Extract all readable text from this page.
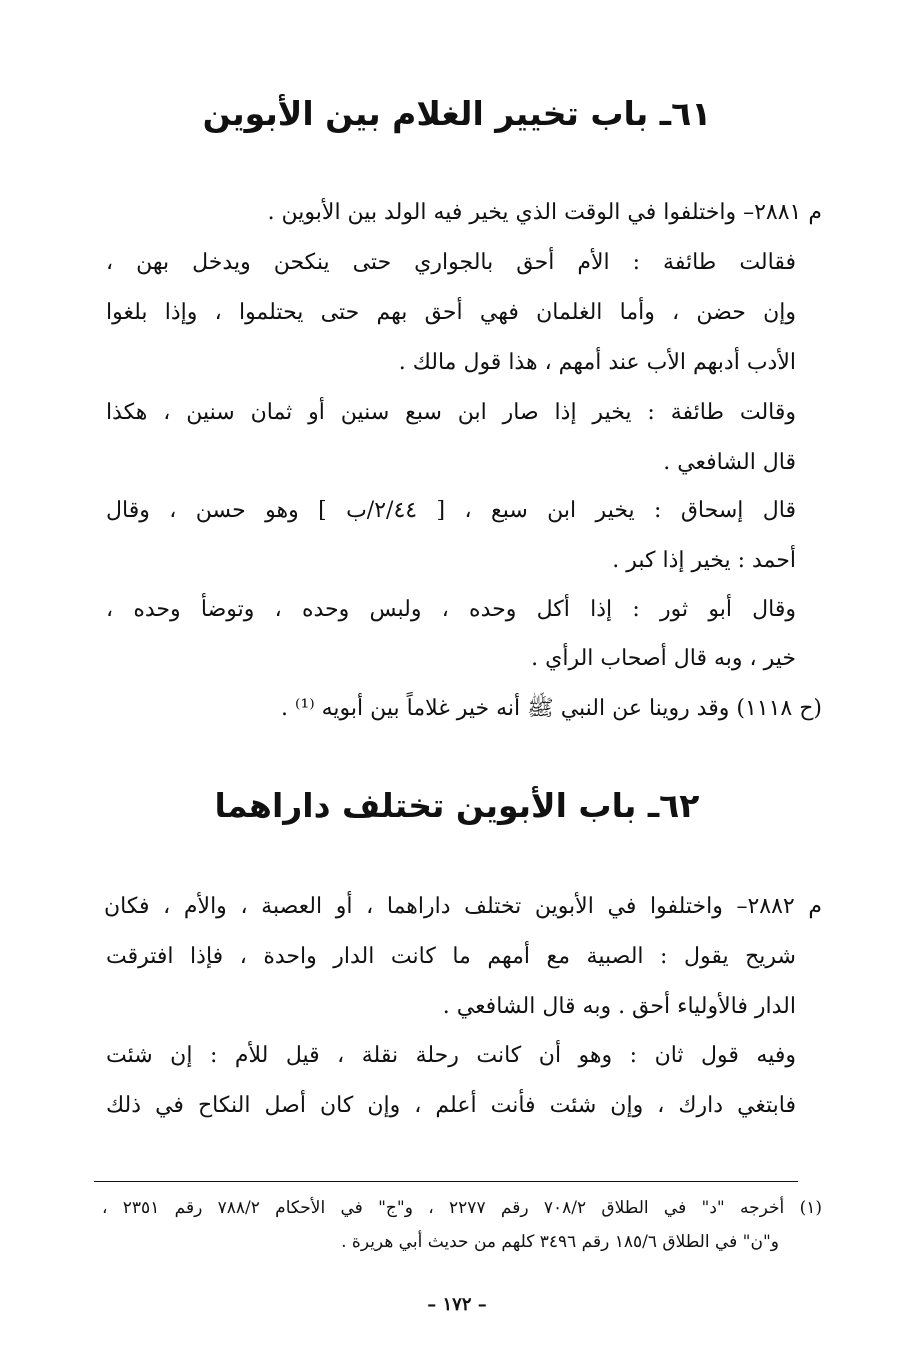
٦١ـ باب تخيير الغلام بين الأبوين
م ٢٨٨١– واختلفوا في الوقت الذي يخير فيه الولد بين الأبوين .
فقالت طائفة : الأم أحق بالجواري حتى ينكحن ويدخل بهن ،
وإن حضن ، وأما الغلمان فهي أحق بهم حتى يحتلموا ، وإذا بلغوا
الأدب أدبهم الأب عند أمهم ، هذا قول مالك .
وقالت طائفة : يخير إذا صار ابن سبع سنين أو ثمان سنين ، هكذا
قال الشافعي .
قال إسحاق : يخير ابن سبع ، [ ٢/٤٤/ب ] وهو حسن ، وقال
أحمد : يخير إذا كبر .
وقال أبو ثور : إذا أكل وحده ، ولبس وحده ، وتوضأ وحده ،
خير ، وبه قال أصحاب الرأي .
(ح ١١١٨) وقد روينا عن النبي ﷺ أنه خير غلاماً بين أبويه ⁽¹⁾ .
٦٢ـ باب الأبوين تختلف داراهما
م ٢٨٨٢– واختلفوا في الأبوين تختلف داراهما ، أو العصبة ، والأم ، فكان
شريح يقول : الصبية مع أمهم ما كانت الدار واحدة ، فإذا افترقت
الدار فالأولياء أحق . وبه قال الشافعي .
وفيه قول ثان : وهو أن كانت رحلة نقلة ، قيل للأم : إن شئت
فابتغي دارك ، وإن شئت فأنت أعلم ، وإن كان أصل النكاح في ذلك
(١) أخرجه "د" في الطلاق ٧٠٨/٢ رقم ٢٢٧٧ ، و"ج" في الأحكام ٧٨٨/٢ رقم ٢٣٥١ ،
و"ن" في الطلاق ١٨٥/٦ رقم ٣٤٩٦ كلهم من حديث أبي هريرة .
– ١٧٢ –
